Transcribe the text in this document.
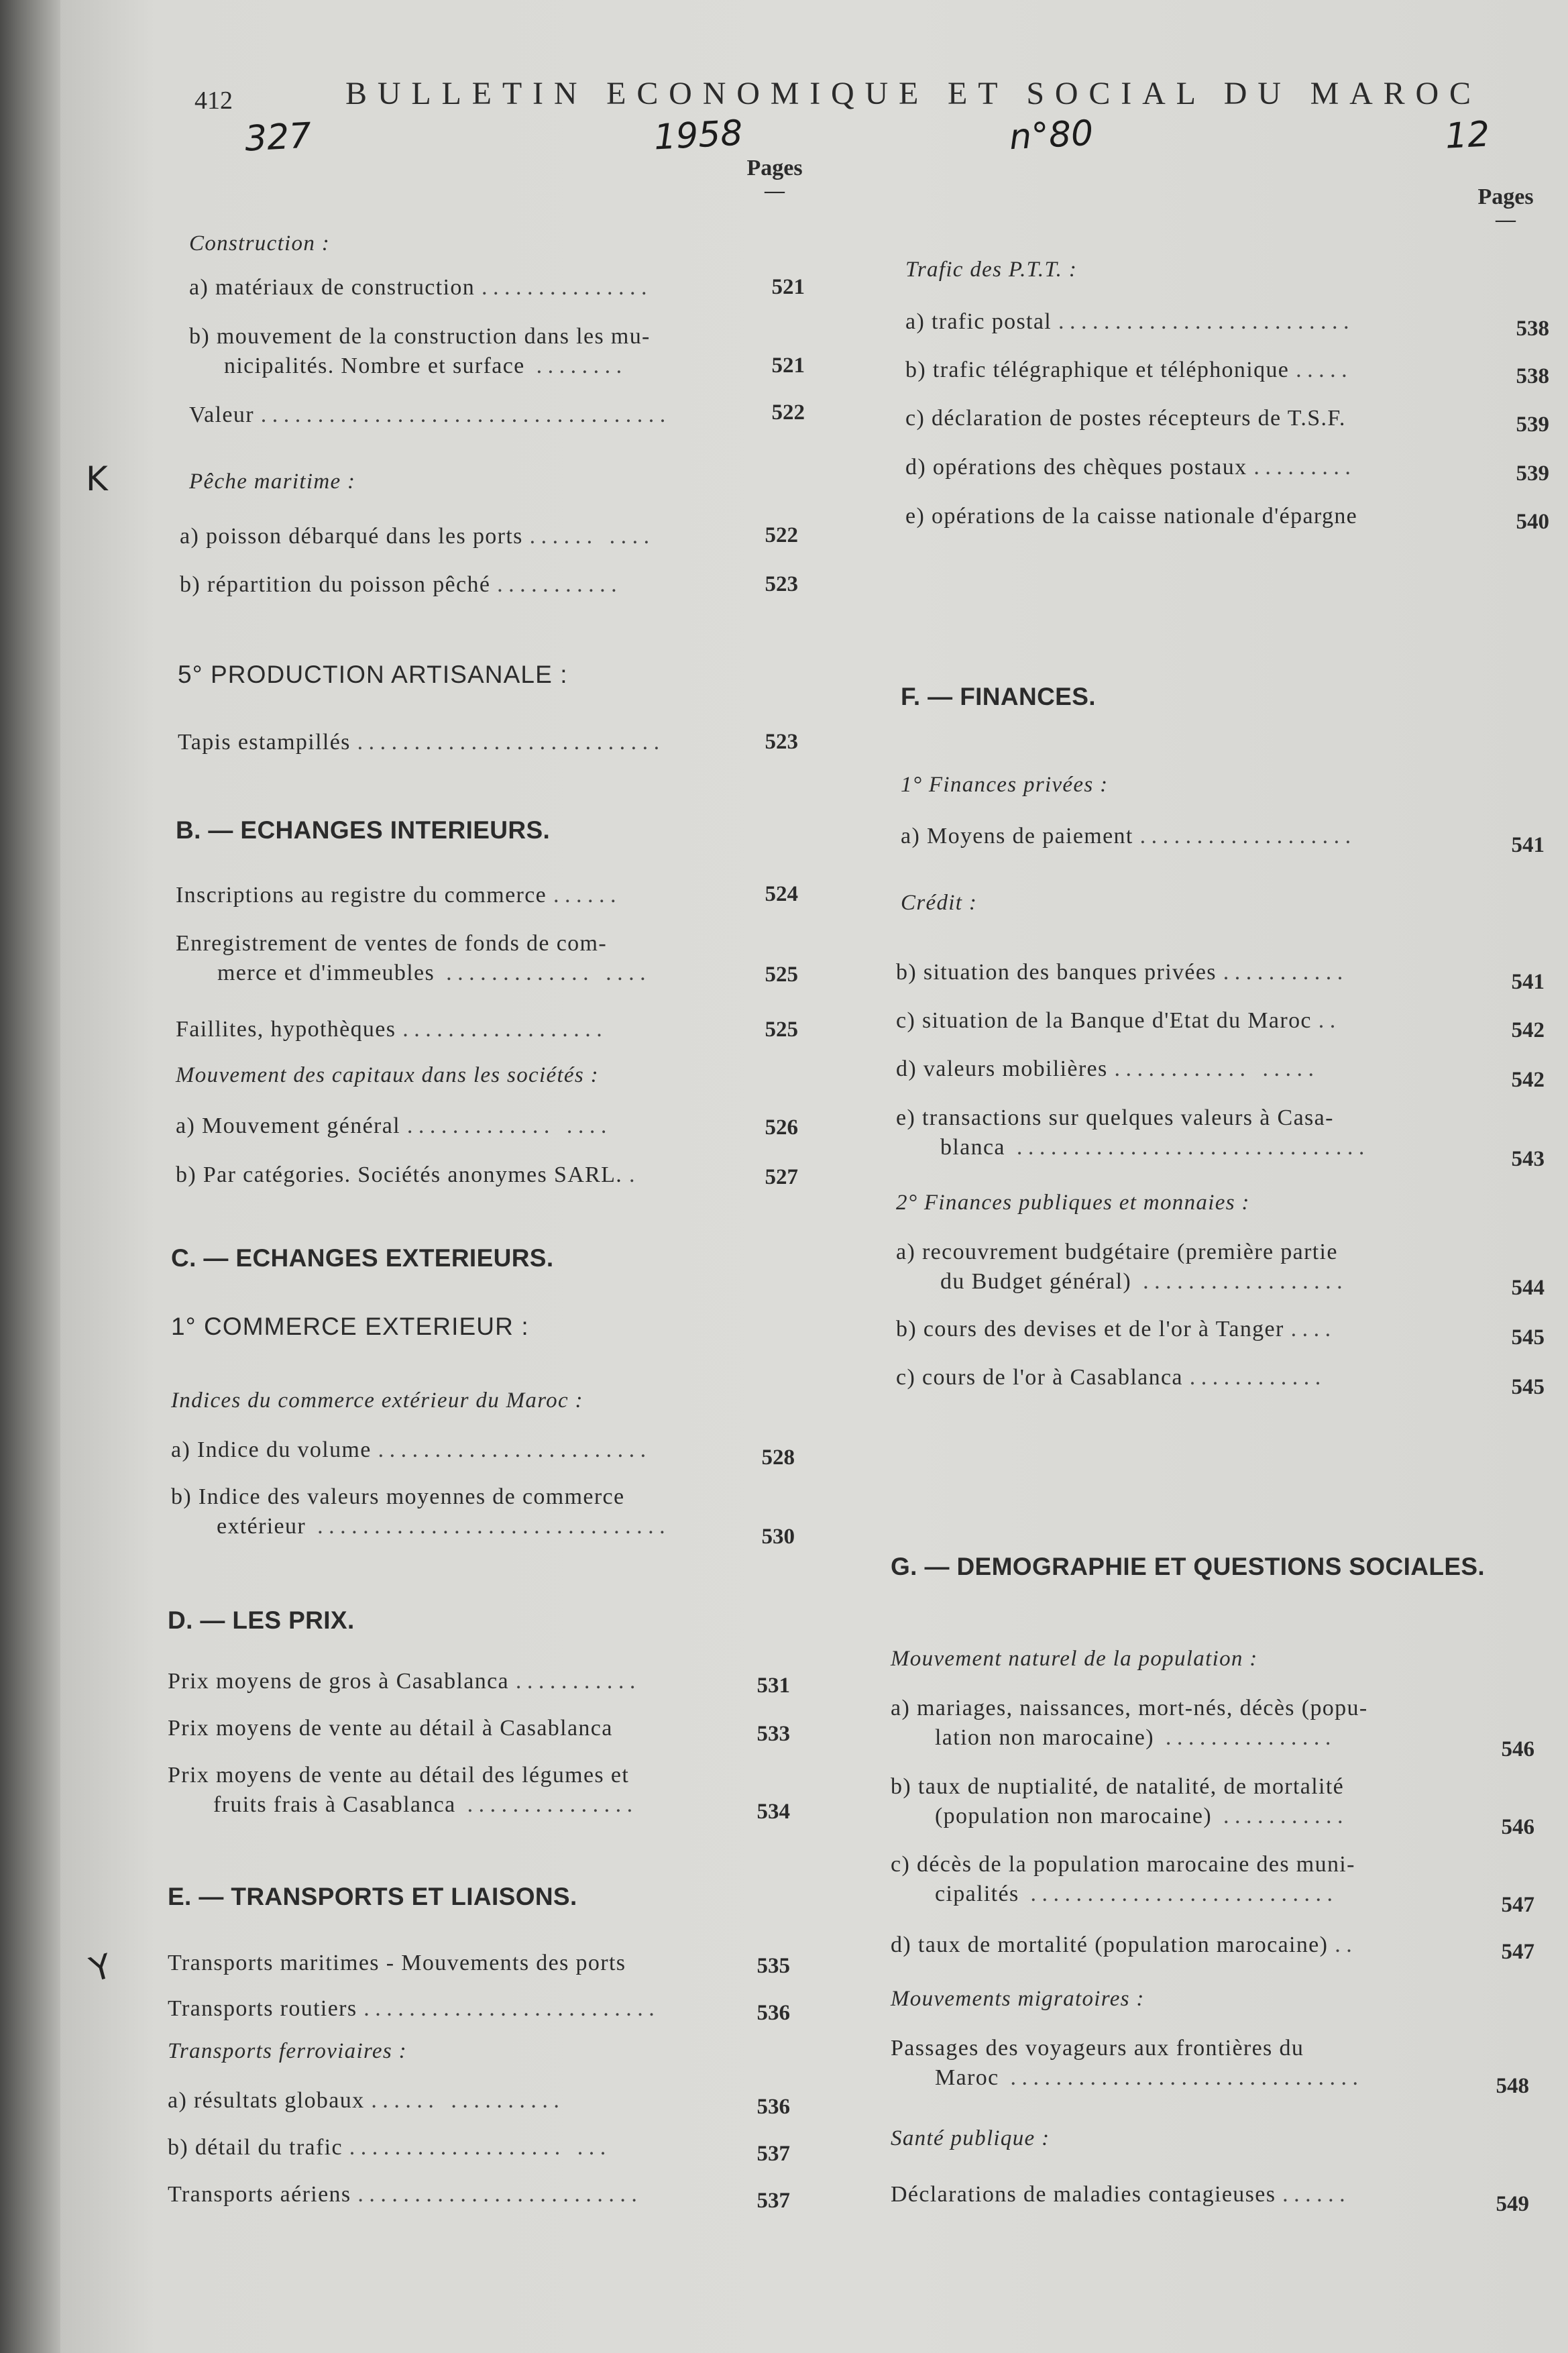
412	BULLETIN ECONOMIQUE ET SOCIAL DU MAROC
327	1958	n°80	12
Pages
—	Pages
—
K
Y
Construction :
a) matériaux de construction ...............	521
b) mouvement de la construction dans les mu-
nicipalités. Nombre et surface ........	521
Valeur ....................................	522
Pêche maritime :
a) poisson débarqué dans les ports ...... ....	522
b) répartition du poisson pêché ...........	523
5° PRODUCTION ARTISANALE :
Tapis estampillés ...........................	523
B. — ECHANGES INTERIEURS.
Inscriptions au registre du commerce ......	524
Enregistrement de ventes de fonds de com-
merce et d'immeubles ............. ....	525
Faillites, hypothèques ..................	525
Mouvement des capitaux dans les sociétés :
a) Mouvement général ............. ....	526
b) Par catégories. Sociétés anonymes SARL. .	527
C. — ECHANGES EXTERIEURS.
1° COMMERCE EXTERIEUR :
Indices du commerce extérieur du Maroc :
a) Indice du volume ........................	528
b) Indice des valeurs moyennes de commerce
extérieur ...............................	530
D. — LES PRIX.
Prix moyens de gros à Casablanca ...........	531
Prix moyens de vente au détail à Casablanca	533
Prix moyens de vente au détail des légumes et
fruits frais à Casablanca ...............	534
E. — TRANSPORTS ET LIAISONS.
Transports maritimes - Mouvements des ports	535
Transports routiers ..........................	536
Transports ferroviaires :
a) résultats globaux ...... ..........	536
b) détail du trafic ................... ...	537
Transports aériens .........................	537
Trafic des P.T.T. :
a) trafic postal ..........................	538
b) trafic télégraphique et téléphonique .....	538
c) déclaration de postes récepteurs de T.S.F.	539
d) opérations des chèques postaux .........	539
e) opérations de la caisse nationale d'épargne	540
F. — FINANCES.
1° Finances privées :
a) Moyens de paiement ...................	541
Crédit :
b) situation des banques privées ...........	541
c) situation de la Banque d'Etat du Maroc ..	542
d) valeurs mobilières ............ .....	542
e) transactions sur quelques valeurs à Casa-
blanca ...............................	543
2° Finances publiques et monnaies :
a) recouvrement budgétaire (première partie
du Budget général) ..................	544
b) cours des devises et de l'or à Tanger ....	545
c) cours de l'or à Casablanca ............	545
G. — DEMOGRAPHIE ET QUESTIONS SOCIALES.
Mouvement naturel de la population :
a) mariages, naissances, mort-nés, décès (popu-
lation non marocaine) ...............	546
b) taux de nuptialité, de natalité, de mortalité
(population non marocaine) ...........	546
c) décès de la population marocaine des muni-
cipalités ...........................	547
d) taux de mortalité (population marocaine) ..	547
Mouvements migratoires :
Passages des voyageurs aux frontières du
Maroc ...............................	548
Santé publique :
Déclarations de maladies contagieuses ......	549
